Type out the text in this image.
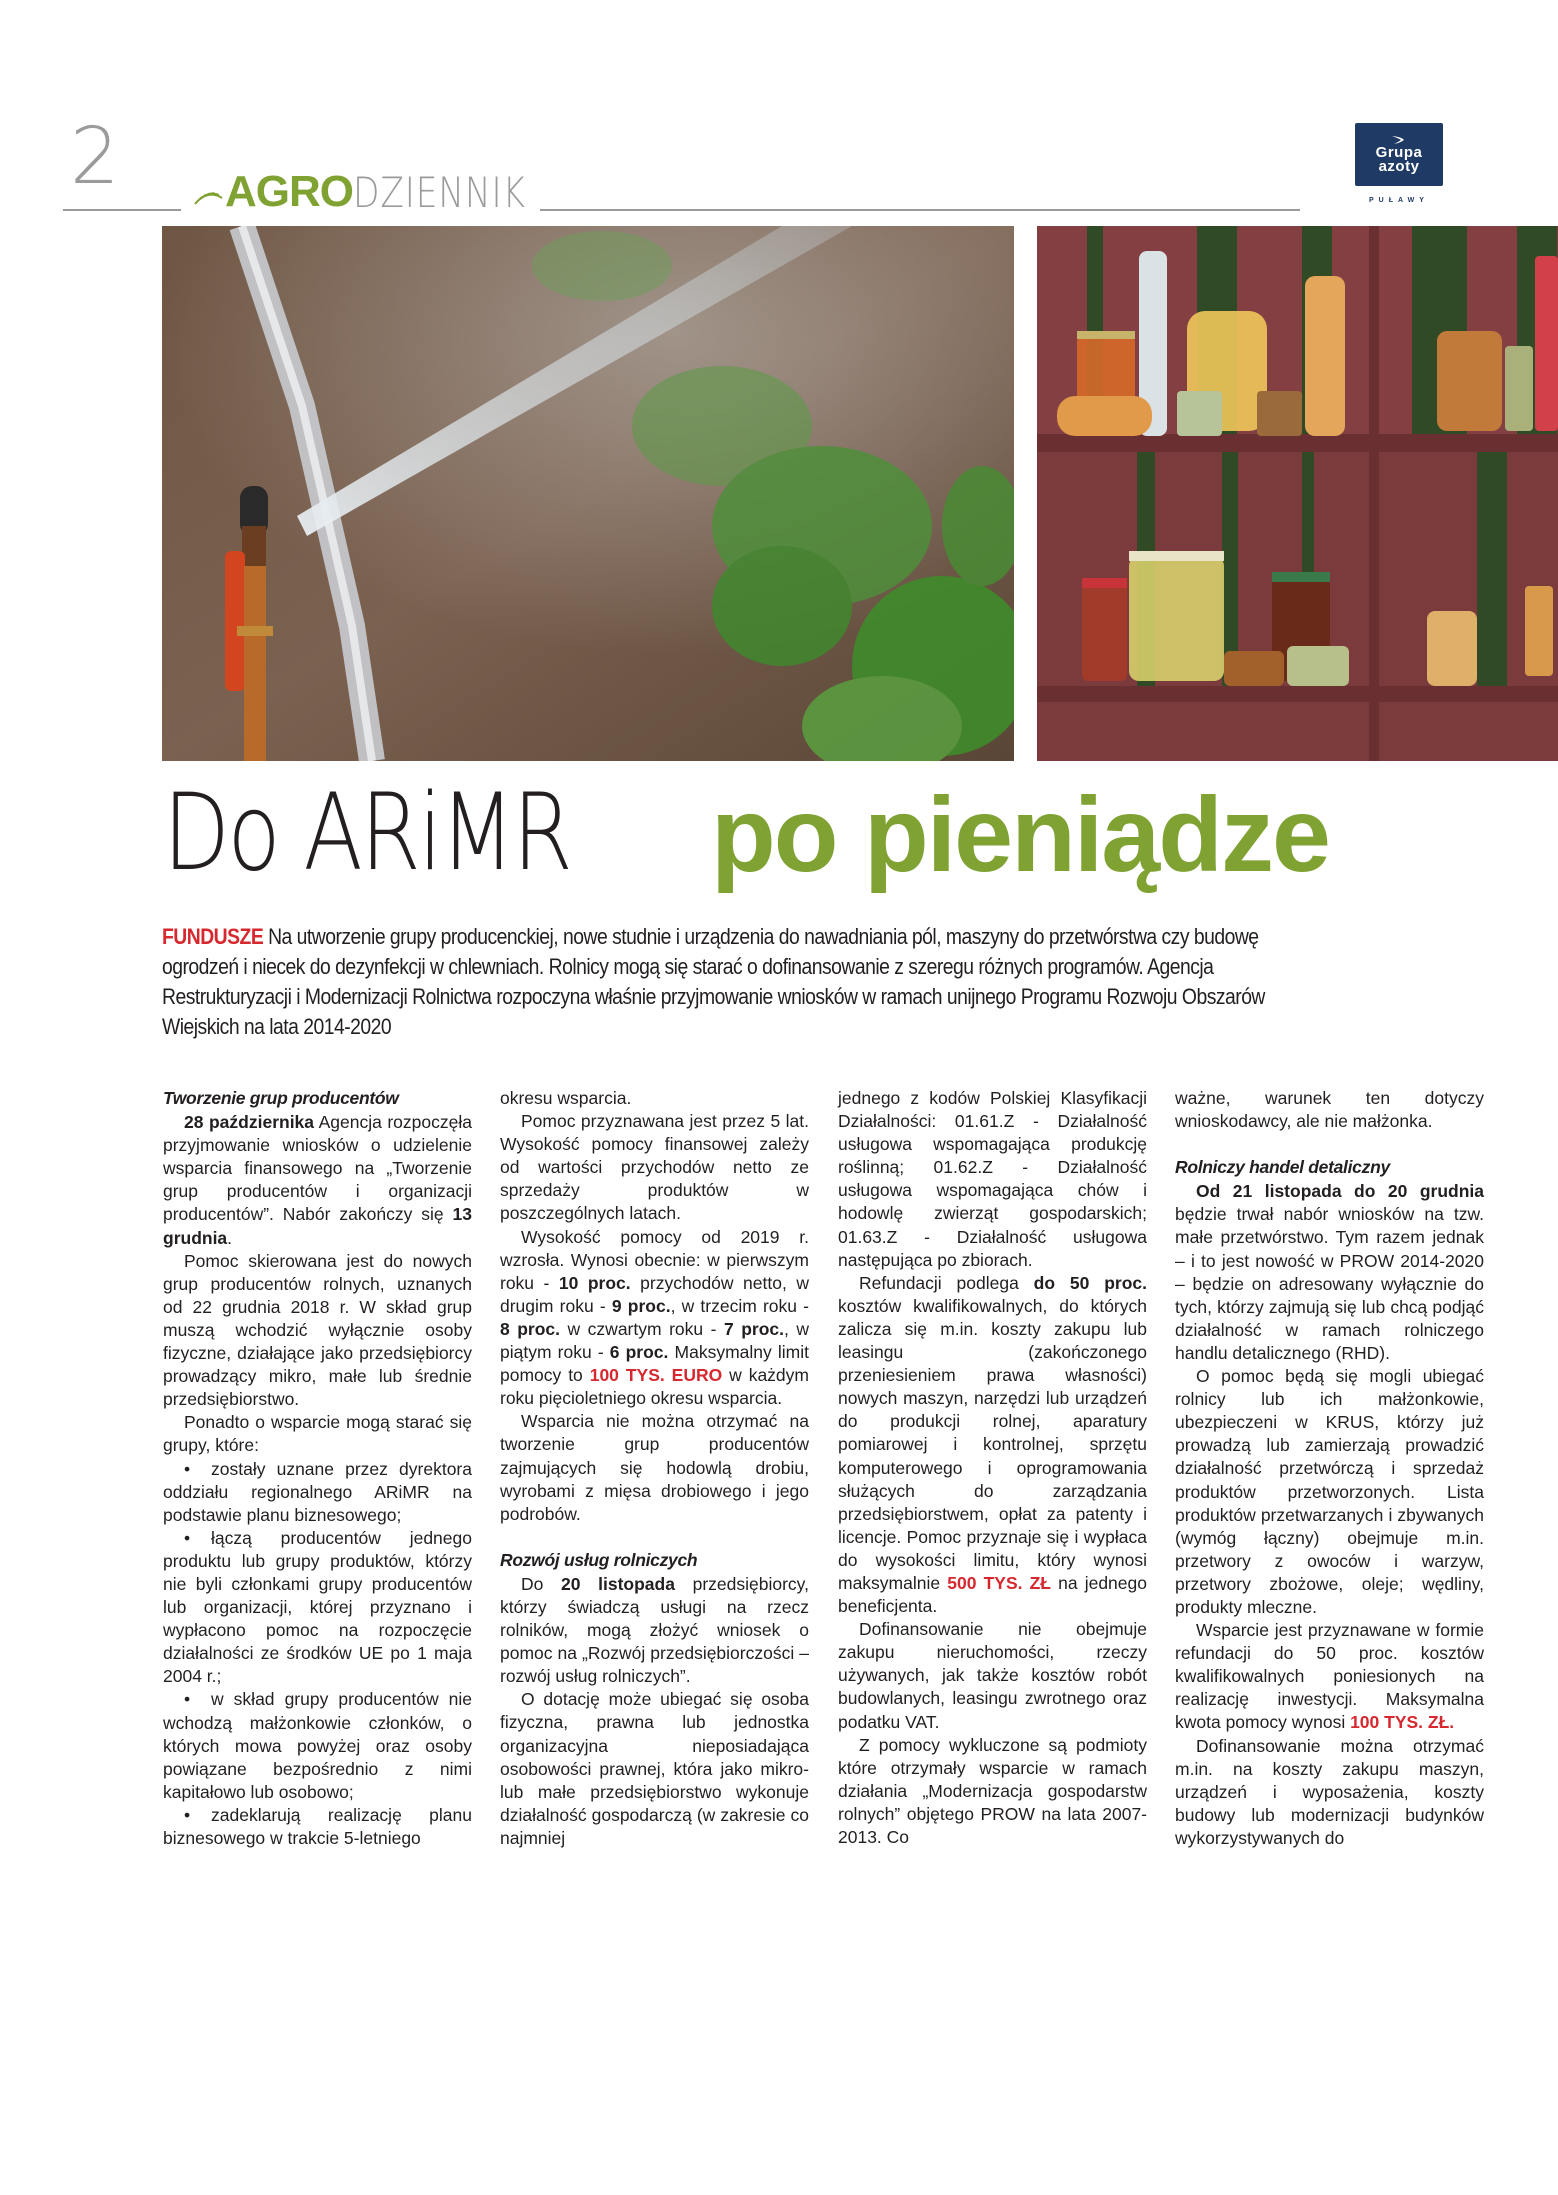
2 AGRO DZIENNIK
Grupa
azoty
PUŁAWY
Do ARiMR po pieniądze
FUNDUSZE Na utworzenie grupy producenckiej, nowe studnie i urządzenia do nawadniania pól, maszyny do przetwórstwa czy budowę
ogrodzeń i niecek do dezynfekcji w chlewniach. Rolnicy mogą się starać o dofinansowanie z szeregu różnych programów. Agencja
Restrukturyzacji i Modernizacji Rolnictwa rozpoczyna właśnie przyjmowanie wniosków w ramach unijnego Programu Rozwoju Obszarów
Wiejskich na lata 2014-2020
Tworzenie grup producentów

28 października Agencja rozpoczęła przyjmowanie wniosków o udzielenie wsparcia finansowego na „Tworzenie grup producentów i organizacji producentów”. Nabór zakończy się 13 grudnia.

Pomoc skierowana jest do nowych grup producentów rolnych, uznanych od 22 grudnia 2018 r. W skład grup muszą wchodzić wyłącznie osoby fizyczne, działające jako przedsiębiorcy prowadzący mikro, małe lub średnie przedsiębiorstwo.

Ponadto o wsparcie mogą starać się grupy, które:

• zostały uznane przez dyrektora oddziału regionalnego ARiMR na podstawie planu biznesowego;
• łączą producentów jednego produktu lub grupy produktów, którzy nie byli członkami grupy producentów lub organizacji, której przyznano i wypłacono pomoc na rozpoczęcie działalności ze środków UE po 1 maja 2004 r.;
• w skład grupy producentów nie wchodzą małżonkowie członków, o których mowa powyżej oraz osoby powiązane bezpośrednio z nimi kapitałowo lub osobowo;
• zadeklarują realizację planu biznesowego w trakcie 5-letniego

okresu wsparcia.

Pomoc przyznawana jest przez 5 lat. Wysokość pomocy finansowej zależy od wartości przychodów netto ze sprzedaży produktów w poszczególnych latach.

Wysokość pomocy od 2019 r. wzrosła. Wynosi obecnie: w pierwszym roku - 10 proc. przychodów netto, w drugim roku - 9 proc., w trzecim roku - 8 proc. w czwartym roku - 7 proc., w piątym roku - 6 proc. Maksymalny limit pomocy to 100 TYS. EURO w każdym roku pięcioletniego okresu wsparcia.

Wsparcia nie można otrzymać na tworzenie grup producentów zajmujących się hodowlą drobiu, wyrobami z mięsa drobiowego i jego podrobów.

Rozwój usług rolniczych

Do 20 listopada przedsiębiorcy, którzy świadczą usługi na rzecz rolników, mogą złożyć wniosek o pomoc na „Rozwój przedsiębiorczości – rozwój usług rolniczych”.

O dotację może ubiegać się osoba fizyczna, prawna lub jednostka organizacyjna nieposiadająca osobowości prawnej, która jako mikro- lub małe przedsiębiorstwo wykonuje działalność gospodarczą (w zakresie co najmniej

jednego z kodów Polskiej Klasyfikacji Działalności: 01.61.Z - Działalność usługowa wspomagająca produkcję roślinną; 01.62.Z - Działalność usługowa wspomagająca chów i hodowlę zwierząt gospodarskich; 01.63.Z - Działalność usługowa następująca po zbiorach.

Refundacji podlega do 50 proc. kosztów kwalifikowalnych, do których zalicza się m.in. koszty zakupu lub leasingu (zakończonego przeniesieniem prawa własności) nowych maszyn, narzędzi lub urządzeń do produkcji rolnej, aparatury pomiarowej i kontrolnej, sprzętu komputerowego i oprogramowania służących do zarządzania przedsiębiorstwem, opłat za patenty i licencje. Pomoc przyznaje się i wypłaca do wysokości limitu, który wynosi maksymalnie 500 TYS. ZŁ na jednego beneficjenta.

Dofinansowanie nie obejmuje zakupu nieruchomości, rzeczy używanych, jak także kosztów robót budowlanych, leasingu zwrotnego oraz podatku VAT.

Z pomocy wykluczone są podmioty które otrzymały wsparcie w ramach działania „Modernizacja gospodarstw rolnych” objętego PROW na lata 2007-2013. Co

ważne, warunek ten dotyczy wnioskodawcy, ale nie małżonka.

Rolniczy handel detaliczny

Od 21 listopada do 20 grudnia będzie trwał nabór wniosków na tzw. małe przetwórstwo. Tym razem jednak – i to jest nowość w PROW 2014-2020 – będzie on adresowany wyłącznie do tych, którzy zajmują się lub chcą podjąć działalność w ramach rolniczego handlu detalicznego (RHD).

O pomoc będą się mogli ubiegać rolnicy lub ich małżonkowie, ubezpieczeni w KRUS, którzy już prowadzą lub zamierzają prowadzić działalność przetwórczą i sprzedaż produktów przetworzonych. Lista produktów przetwarzanych i zbywanych (wymóg łączny) obejmuje m.in. przetwory z owoców i warzyw, przetwory zbożowe, oleje; wędliny, produkty mleczne.

Wsparcie jest przyznawane w formie refundacji do 50 proc. kosztów kwalifikowalnych poniesionych na realizację inwestycji. Maksymalna kwota pomocy wynosi 100 TYS. ZŁ.

Dofinansowanie można otrzymać m.in. na koszty zakupu maszyn, urządzeń i wyposażenia, koszty budowy lub modernizacji budynków wykorzystywanych do
